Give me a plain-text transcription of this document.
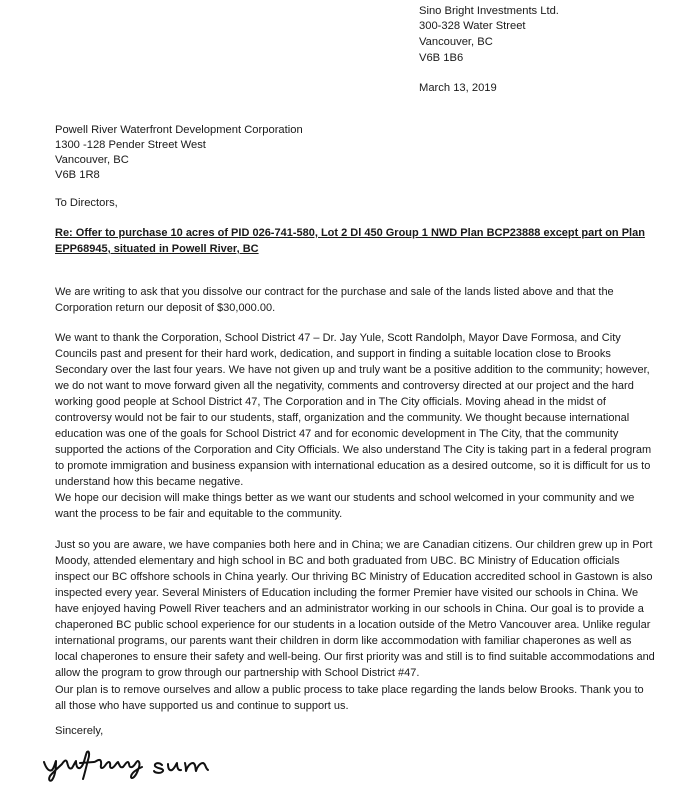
Sino Bright Investments Ltd.
300-328 Water Street
Vancouver, BC
V6B 1B6
March 13, 2019
Powell River Waterfront Development Corporation
1300 -128 Pender Street West
Vancouver, BC
V6B 1R8
To Directors,
Re: Offer to purchase 10 acres of PID 026-741-580, Lot 2 Dl 450 Group 1 NWD Plan BCP23888 except part on Plan EPP68945, situated in Powell River, BC

We are writing to ask that you dissolve our contract for the purchase and sale of the lands listed above and that the Corporation return our deposit of $30,000.00.

We want to thank the Corporation, School District 47 – Dr. Jay Yule, Scott Randolph, Mayor Dave Formosa, and City Councils past and present for their hard work, dedication, and support in finding a suitable location close to Brooks Secondary over the last four years. We have not given up and truly want be a positive addition to the community; however, we do not want to move forward given all the negativity, comments and controversy directed at our project and the hard working good people at School District 47, The Corporation and in The City officials. Moving ahead in the midst of controversy would not be fair to our students, staff, organization and the community. We thought because international education was one of the goals for School District 47 and for economic development in The City, that the community supported the actions of the Corporation and City Officials. We also understand The City is taking part in a federal program to promote immigration and business expansion with international education as a desired outcome, so it is difficult for us to understand how this became negative.

We hope our decision will make things better as we want our students and school welcomed in your community and we want the process to be fair and equitable to the community.

Just so you are aware, we have companies both here and in China; we are Canadian citizens. Our children grew up in Port Moody, attended elementary and high school in BC and both graduated from UBC. BC Ministry of Education officials inspect our BC offshore schools in China yearly. Our thriving BC Ministry of Education accredited school in Gastown is also inspected every year. Several Ministers of Education including the former Premier have visited our schools in China. We have enjoyed having Powell River teachers and an administrator working in our schools in China. Our goal is to provide a chaperoned BC public school experience for our students in a location outside of the Metro Vancouver area. Unlike regular international programs, our parents want their children in dorm like accommodation with familiar chaperones as well as local chaperones to ensure their safety and well-being. Our first priority was and still is to find suitable accommodations and allow the program to grow through our partnership with School District #47.

Our plan is to remove ourselves and allow a public process to take place regarding the lands below Brooks. Thank you to all those who have supported us and continue to support us.

Sincerely,
